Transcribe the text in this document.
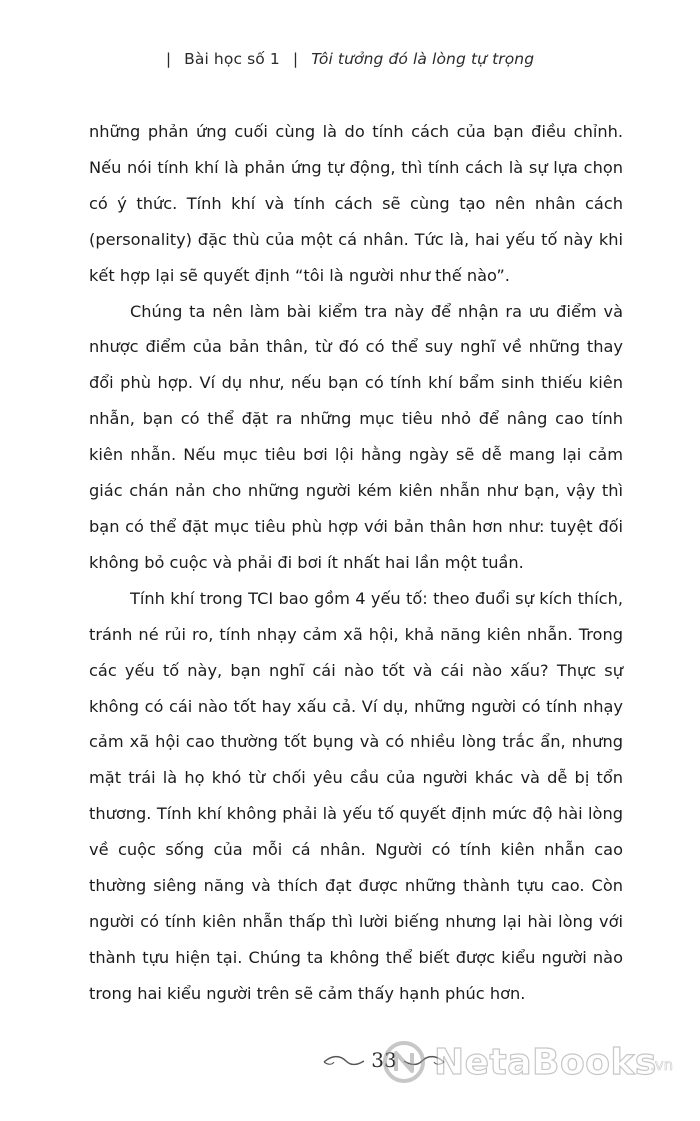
| Bài học số 1 | Tôi tưởng đó là lòng tự trọng

những phản ứng cuối cùng là do tính cách của bạn điều chỉnh. Nếu nói tính khí là phản ứng tự động, thì tính cách là sự lựa chọn có ý thức. Tính khí và tính cách sẽ cùng tạo nên nhân cách (personality) đặc thù của một cá nhân. Tức là, hai yếu tố này khi kết hợp lại sẽ quyết định “tôi là người như thế nào”.

Chúng ta nên làm bài kiểm tra này để nhận ra ưu điểm và nhược điểm của bản thân, từ đó có thể suy nghĩ về những thay đổi phù hợp. Ví dụ như, nếu bạn có tính khí bẩm sinh thiếu kiên nhẫn, bạn có thể đặt ra những mục tiêu nhỏ để nâng cao tính kiên nhẫn. Nếu mục tiêu bơi lội hằng ngày sẽ dễ mang lại cảm giác chán nản cho những người kém kiên nhẫn như bạn, vậy thì bạn có thể đặt mục tiêu phù hợp với bản thân hơn như: tuyệt đối không bỏ cuộc và phải đi bơi ít nhất hai lần một tuần.

Tính khí trong TCI bao gồm 4 yếu tố: theo đuổi sự kích thích, tránh né rủi ro, tính nhạy cảm xã hội, khả năng kiên nhẫn. Trong các yếu tố này, bạn nghĩ cái nào tốt và cái nào xấu? Thực sự không có cái nào tốt hay xấu cả. Ví dụ, những người có tính nhạy cảm xã hội cao thường tốt bụng và có nhiều lòng trắc ẩn, nhưng mặt trái là họ khó từ chối yêu cầu của người khác và dễ bị tổn thương. Tính khí không phải là yếu tố quyết định mức độ hài lòng về cuộc sống của mỗi cá nhân. Người có tính kiên nhẫn cao thường siêng năng và thích đạt được những thành tựu cao. Còn người có tính kiên nhẫn thấp thì lười biếng nhưng lại hài lòng với thành tựu hiện tại. Chúng ta không thể biết được kiểu người nào trong hai kiểu người trên sẽ cảm thấy hạnh phúc hơn.

33 NetaBooks
.vn
